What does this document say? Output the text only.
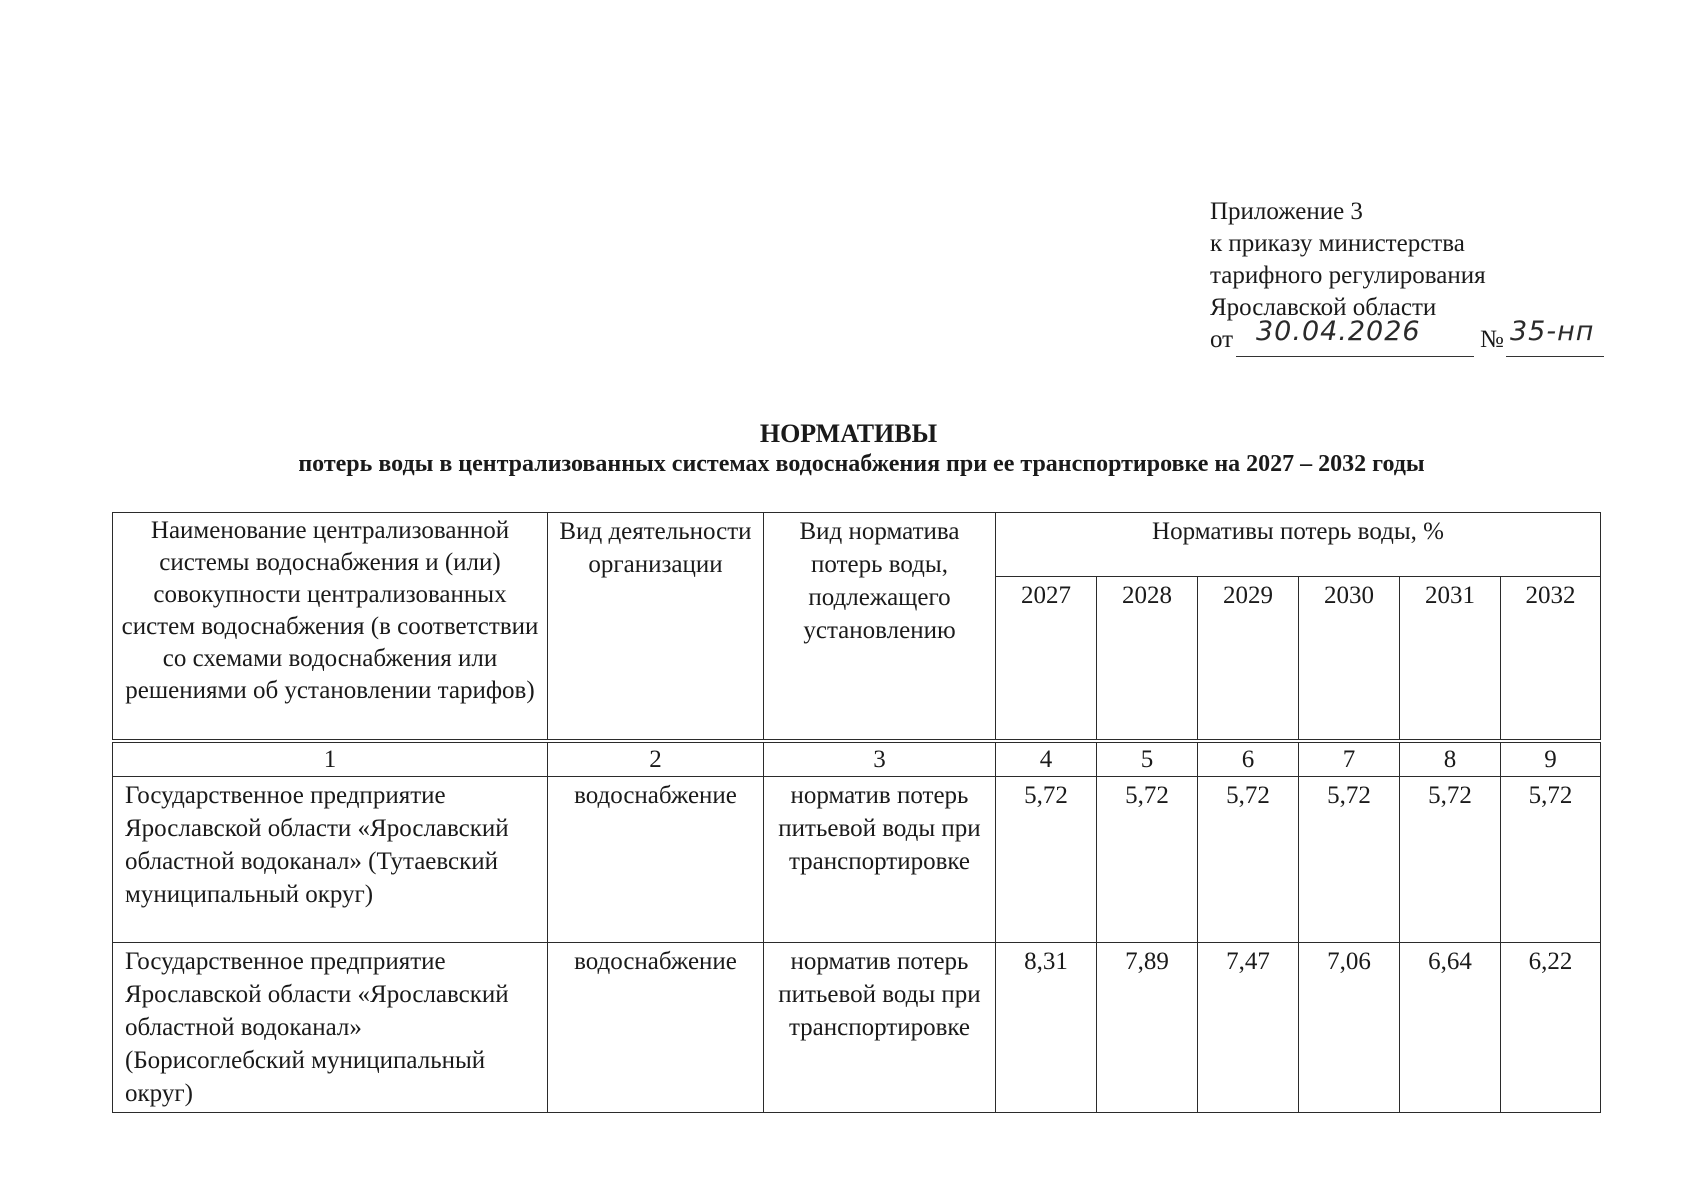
Приложение 3
к приказу министерства
тарифного регулирования
Ярославской области
от 30.04.2026 № 35-нп
НОРМАТИВЫ
потерь воды в централизованных системах водоснабжения при ее транспортировке на 2027 – 2032 годы
Наименование централизованной системы водоснабжения и (или) совокупности централизованных систем водоснабжения (в соответствии со схемами водоснабжения или решениями об установлении тарифов)	Вид деятельности организации	Вид норматива потерь воды, подлежащего установлению	Нормативы потерь воды, %					
			2027	2028	2029	2030	2031	2032
1	2	3	4	5	6	7	8	9
Государственное предприятие Ярославской области «Ярославский областной водоканал» (Тутаевский муниципальный округ)	водоснабжение	норматив потерь питьевой воды при транспортировке	5,72	5,72	5,72	5,72	5,72	5,72
Государственное предприятие Ярославской области «Ярославский областной водоканал» (Борисоглебский муниципальный округ)	водоснабжение	норматив потерь питьевой воды при транспортировке	8,31	7,89	7,47	7,06	6,64	6,22
